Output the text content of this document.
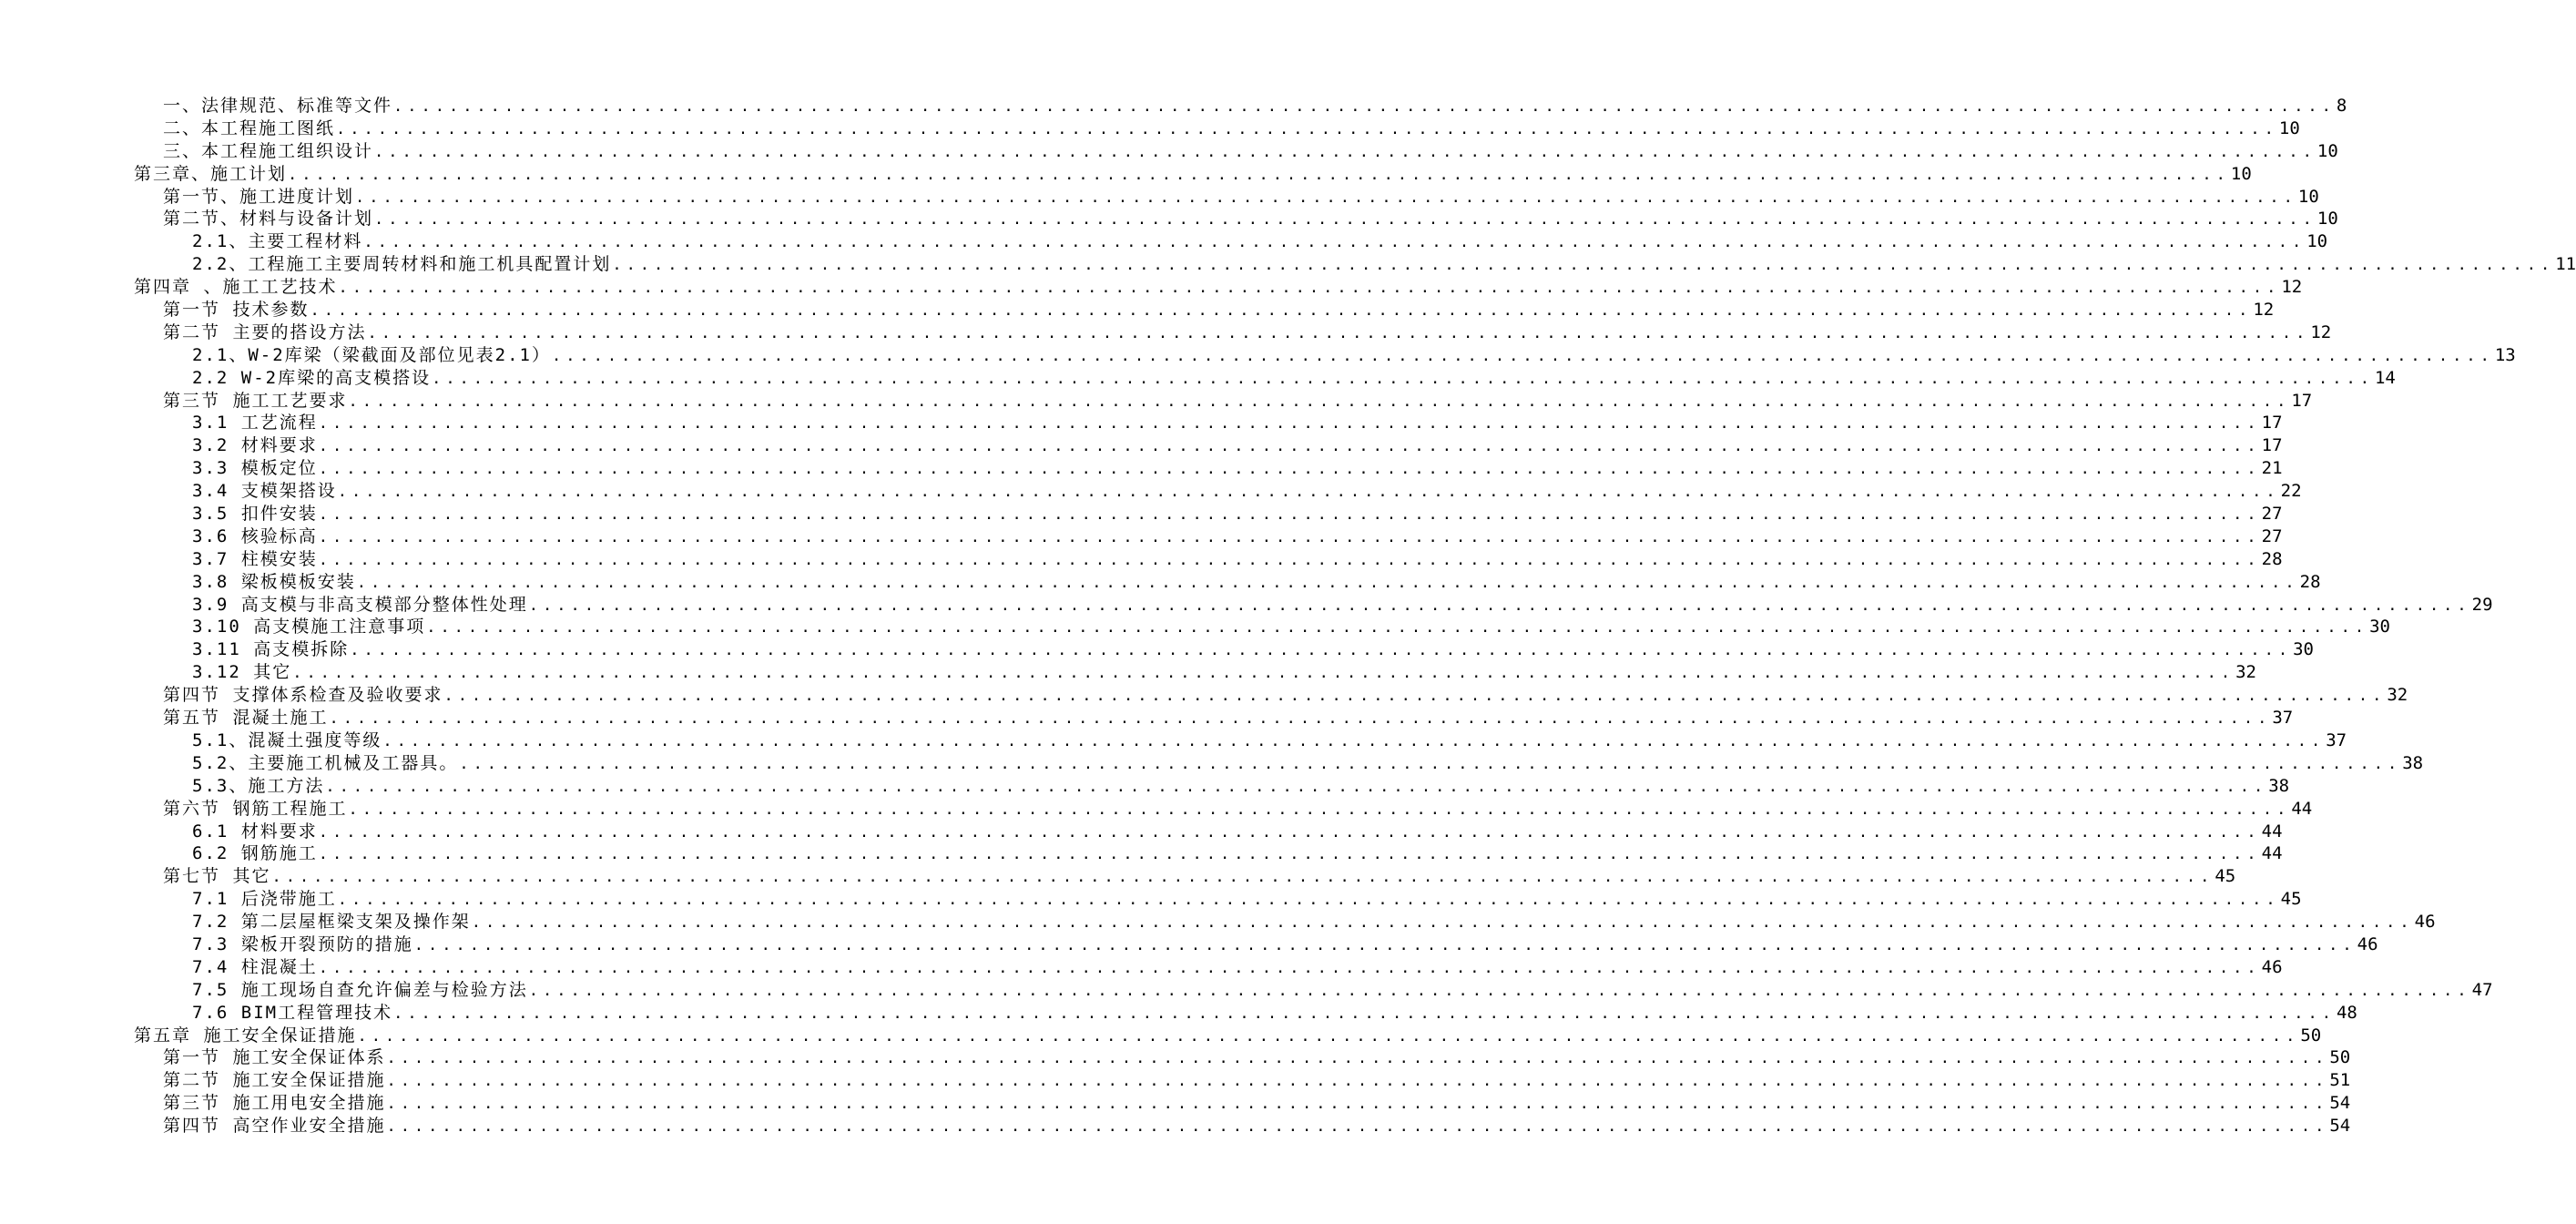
一、法律规范、标准等文件 ............................................................................................................................................ 8
二、本工程施工图纸 ............................................................................................................................................ 10
三、本工程施工组织设计 ............................................................................................................................................ 10
第三章、施工计划 ............................................................................................................................................ 10
第一节、施工进度计划 ............................................................................................................................................ 10
第二节、材料与设备计划 ............................................................................................................................................ 10
2.1、主要工程材料 ............................................................................................................................................ 10
2.2、工程施工主要周转材料和施工机具配置计划 ............................................................................................................................................ 11
第四章 、施工工艺技术 ............................................................................................................................................ 12
第一节 技术参数 ............................................................................................................................................ 12
第二节 主要的搭设方法 ............................................................................................................................................ 12
2.1、W-2库梁（梁截面及部位见表2.1） ............................................................................................................................................ 13
2.2 W-2库梁的高支模搭设 ............................................................................................................................................ 14
第三节 施工工艺要求 ............................................................................................................................................ 17
3.1 工艺流程 ............................................................................................................................................ 17
3.2 材料要求 ............................................................................................................................................ 17
3.3 模板定位 ............................................................................................................................................ 21
3.4 支模架搭设 ............................................................................................................................................ 22
3.5 扣件安装 ............................................................................................................................................ 27
3.6 核验标高 ............................................................................................................................................ 27
3.7 柱模安装 ............................................................................................................................................ 28
3.8 梁板模板安装 ............................................................................................................................................ 28
3.9 高支模与非高支模部分整体性处理 ............................................................................................................................................ 29
3.10 高支模施工注意事项 ............................................................................................................................................ 30
3.11 高支模拆除 ............................................................................................................................................ 30
3.12 其它 ............................................................................................................................................ 32
第四节 支撑体系检查及验收要求 ............................................................................................................................................ 32
第五节 混凝土施工 ............................................................................................................................................ 37
5.1、混凝土强度等级 ............................................................................................................................................ 37
5.2、主要施工机械及工器具。 ............................................................................................................................................ 38
5.3、施工方法 ............................................................................................................................................ 38
第六节 钢筋工程施工 ............................................................................................................................................ 44
6.1 材料要求 ............................................................................................................................................ 44
6.2 钢筋施工 ............................................................................................................................................ 44
第七节 其它 ............................................................................................................................................ 45
7.1 后浇带施工 ............................................................................................................................................ 45
7.2 第二层屋框梁支架及操作架 ............................................................................................................................................ 46
7.3 梁板开裂预防的措施 ............................................................................................................................................ 46
7.4 柱混凝土 ............................................................................................................................................ 46
7.5 施工现场自查允许偏差与检验方法 ............................................................................................................................................ 47
7.6 BIM工程管理技术 ............................................................................................................................................ 48
第五章 施工安全保证措施 ............................................................................................................................................ 50
第一节 施工安全保证体系 ............................................................................................................................................ 50
第二节 施工安全保证措施 ............................................................................................................................................ 51
第三节 施工用电安全措施 ............................................................................................................................................ 54
第四节 高空作业安全措施 ............................................................................................................................................ 54
